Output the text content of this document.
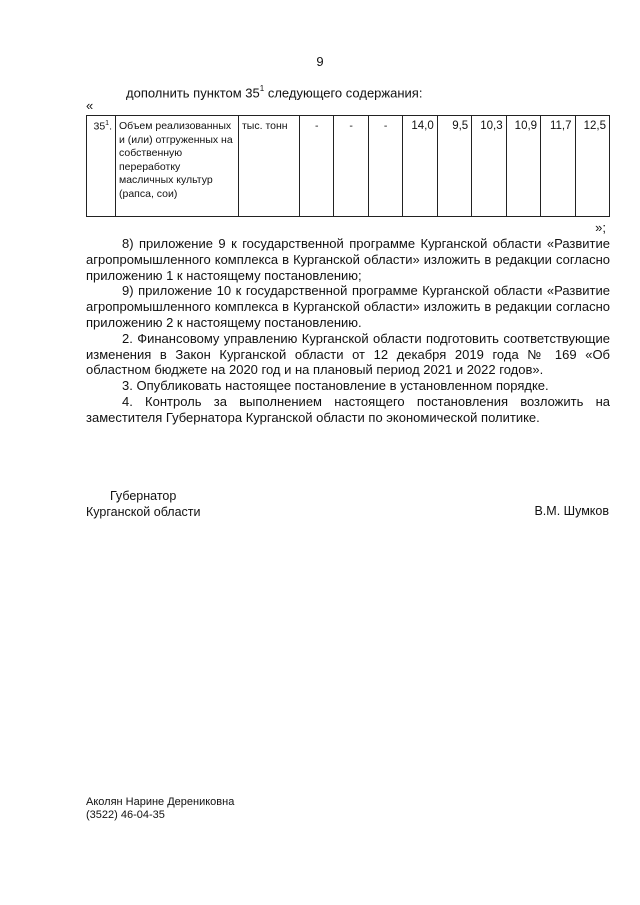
9
дополнить пунктом $35^1$ следующего содержания:
«
$35^1$.	Объем реализованных и (или) отгруженных на собственную переработку масличных культур (рапса, сои)	тыс. тонн	-	-	-	14,0	9,5	10,3	10,9	11,7	12,5
»;

8) приложение 9 к государственной программе Курганской области «Развитие агропромышленного комплекса в Курганской области» изложить в редакции согласно приложению 1 к настоящему постановлению;

9) приложение 10 к государственной программе Курганской области «Развитие агропромышленного комплекса в Курганской области» изложить в редакции согласно приложению 2 к настоящему постановлению.

2. Финансовому управлению Курганской области подготовить соответствующие изменения в Закон Курганской области от 12 декабря 2019 года № 169 «Об областном бюджете на 2020 год и на плановый период 2021 и 2022 годов».

3. Опубликовать настоящее постановление в установленном порядке.

4. Контроль за выполнением настоящего постановления возложить на заместителя Губернатора Курганской области по экономической политике.

Губернатор
Курганской области	В.М. Шумков
Аколян Нарине Дерениковна
(3522) 46-04-35
